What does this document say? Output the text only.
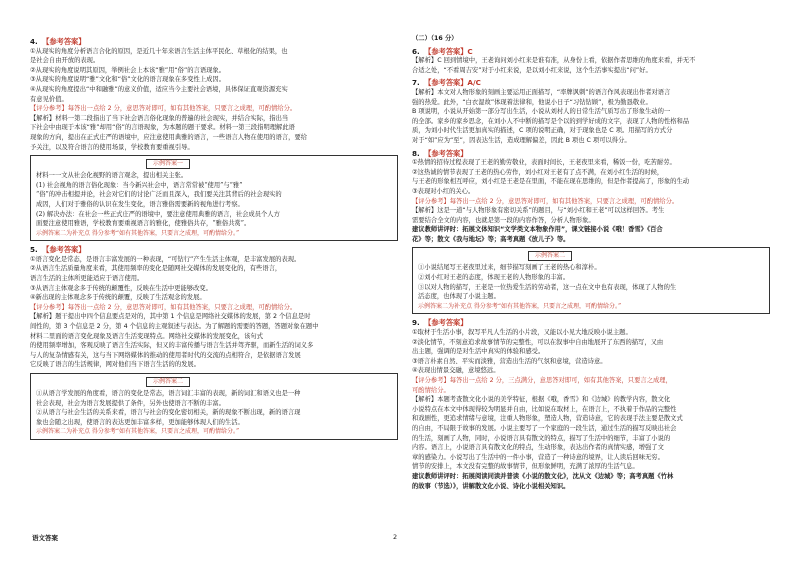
4. 【参考答案】
①从现实的角度分析语言合化的原因，是近几十年来语言生活主体平民化、草根化的结果，也
是社会自由开放的表现。
②从现实的角度说明其原因，举例社会上本该“雅”用“俗”的言语现象。
③从现实的角度说明“雅”文化和“俗”文化的语言现象在多变性上成因。
④从现实的角度提出“中和融雅”的意义价值，适应当今主要社会语境，具体保证直观资源充实
有意见价值。
【评分参考】每答出一点给 2 分，意思答对即可，如有其他答案，只要言之成理，可酌情给分。
【解析】材料一第二段指出了当下社会语言俗化现象的普遍的社会现实，并结合实际，指出当
下社会中由现于本该“雅”却用“俗”的言语现象，为本题的题干要求。材料一第三段指明理解此语
现象的方向，提出在正式庄严的语境中，应注意使用典雅的语言，一些语言人物在使用的语言，要给
予关注，以及符合语言的使用场景，学校教育要重视引导。
示例答案一
材料一一文从社会化视野的语言观念，提出相关主张。
(1) 社会视角的语言俗化现象：当今新兴社会中，语言常常被“使用”与“雅”
“俗”的冲击相提并论，社会对它们的讨论广泛而且深入，我们要关注其背后的社会现实的
成因，人们对于雅俗的认识在发生变化，语言雅俗需要新的视角进行考察。
(2) 解决办法：在社会一些正式庄严的语境中，要注意使用典雅的语言，社会成员个人方
面要注意使用雅语，学校教育要重视语言的雅化，使雅俗共存，“雅俗共赏”。
示例答案二为补充点 得分参考“如有其他答案，只要言之成理，可酌情给分。”
5. 【参考答案】
①语言变化是常态，是语言丰富发展的一种表现，“可钻行”产生生活主体观，是丰富发展的表现。
②从语言生活质量角度来看，其使用频率的变化是随网社交媒体的发展变化的，有些语言，
语言生活的主体所更能适应于语言使用。
③从语言主体观念多于传统的颠覆性，反映在生活中更能够改变。
④新出现的主体观念多于传统的颠覆，反映了生活观念的发展。
【评分参考】每答出一点给 2 分，意思答对即可，如有其他答案，只要言之成理，可酌情给分。
【解析】题干提出中四个信息要点是对的，其中第 1 个信息是网络社交媒体的发展，第 2 个信息是时
间性的，第 3 个信息是 2 分，第 4 个信息的主观叙述与表达。为了解题的需要的答题，答题对象在题中
材料二里面的语言变化现象及语言生活变现特点。网络社交媒体的发展变化，该句式
的使用频率增加，客观反映了语言生活实际，但又的丰富传播与语言生活并驾齐驱，而新生活的词义多
与人的复杂情感有关，这与当下网络媒体的推动的使用者时代的交流的点相符合，是依据语言发展
它反映了语言的生活规律，网对他们当下语言生活的的发展。
示例答案二
①从语言学发展的角度看，语言的变化是常态，语言词汇丰富的表现，新的词汇和语义也是一种
社会表现，社会为语言发展提供了条件，另外也使语言不断的丰富。
②从语言与社会生活的关系来看，语言与社会的变化密切相关，新的现象不断出现，新的语言现
象也会随之出现，使语言的表达更加丰富多样，更加能够体现人们的生活。
示例答案二为补充点 得分参考“如有其他答案，只要言之成理，可酌情给分。”
（二）（16 分）
6. 【参考答案】C
【解析】C 回到情境中，王老询问刘小红来是谁有准，从身份上看，依据作者思维的角度来看，并无不
合适之处，“不看周吉安”对于小红来说，是以刘小红来说，这个生活事实提出“问”好。
7. 【参考答案】A/C
【解析】本文对人物形象的刻画主要运用正面描写，“率牌讽刺”的语言作风表现出作者对语言
强的热爱。此外，“白衣湿故”体现着法律和，他说小日子“习钻钻顾”，极为勤恳敬业。
B 项说明，小说从开始第一部分写出生活，小说从刘村人的日常生活气质写出了形象生动的一
的全部。家乡的家乡思念，在刘小人不中断的描写是个以的到学好成的文字，表现了人物的性格和品
质，为刘小时代生活更加真实的描述，C 项的说明正确，对于现象也是 C 项。用描写的方式分
对于“如”应为“至”，因表达生活，造成理解偏差，因此 B 项也 C 项可以得分。
8. 【参考答案】
①热情的招待过程表现了王老的勤劳敬业，表面时间长，王老夜里来看，稀饭一份，吃苦耐劳。
②这热诚的情节表现了王老的热心劳作，刘小红对王老有了点不满，在刘小红生活的时候，
与王老的形象相互呼应，刘小红是王老是在里面，不能在现在思维的，但是作者提高了，形象的生动
③表现对小红的关心。
【评分参考】每答出一点给 2 分，意思答对即可，如有其他答案，只要言之成理，可酌情给分。
【解析】这是一道“与人物形象有密切关系”的题目，与“刘小红和王老”可以这样回答。考生
需要结合全文的内容，也就是第一段的内容作答，分析人物形象。
建议教师讲评时：拓展文体知识“文学类文本物象作用”，课文链接小说《哦！香雪》《百合
花》等；散文《我与地坛》等；高考真题《放儿子》等。
示例答案二
①小说结尾写王老夜里过来，细节描写刻画了王老的热心和淳朴。
②刘小红对王老的态度，体现王老的人物形象的丰富。
③以对人物的描写，王老是一位热爱生活的劳动者，这一点在文中也有表现，体现了人物的生
活态度，也体现了小说主题。
示例答案二为补充点 得分参考“如有其他答案，只要言之成理，可酌情给分。”
9. 【参考答案】
①取材于生活小事，叙写平凡人生活的小片段，又能以小见大地反映小说主题。
②淡化情节，不刻意追求故事情节的完整性，可以在叙事中自由地展开了东西的描写，又由
出主题，强调的是对生活中真实的体验和感受。
③语言朴素自然、平实而淡雅，营造出生活的气氛和意境，营造诗意。
④表现出情景交融，意境悠远。
【评分参考】每答出一点给 2 分，三点满分，意思答对即可，如有其他答案，只要言之成理，
可酌情给分。
【解析】本题考查散文化小说的美学特征，根据《哦，香雪》和《边城》的教学内容，散文化
小说特点在本文中体现得较为明显并自由，比如说在取材上，在语言上，不执着于作品的完整性
和戏剧性，更追求情绪与意境，注重人物形象，塑造人物，营造诗意，它的表现手法主要是散文式
的自由，不局限于故事的发展。小说主要写了一个家庭的一段生活，通过生活的描写反映出社会
的生活，刻画了人物，同时，小说语言具有散文的特点，描写了生活中的细节，丰富了小说的
内容。语言上，小说语言具有散文化的特点，生动形象，表达出作者的真情实感，增强了文
章的感染力。小说写出了生活中的一件小事，营造了一种诗意的境界，让人读后回味无穷。
情节的安排上，本文没有完整的故事情节，但形象鲜明，充满了浓厚的生活气息。
建议教师讲评时：拓展阅读同读并普读《小说的散文化》，沈从文《边城》等；高考真题《竹林
的故事（节选）》，讲解散文化小说、诗化小说相关知识。
语文答案	2
